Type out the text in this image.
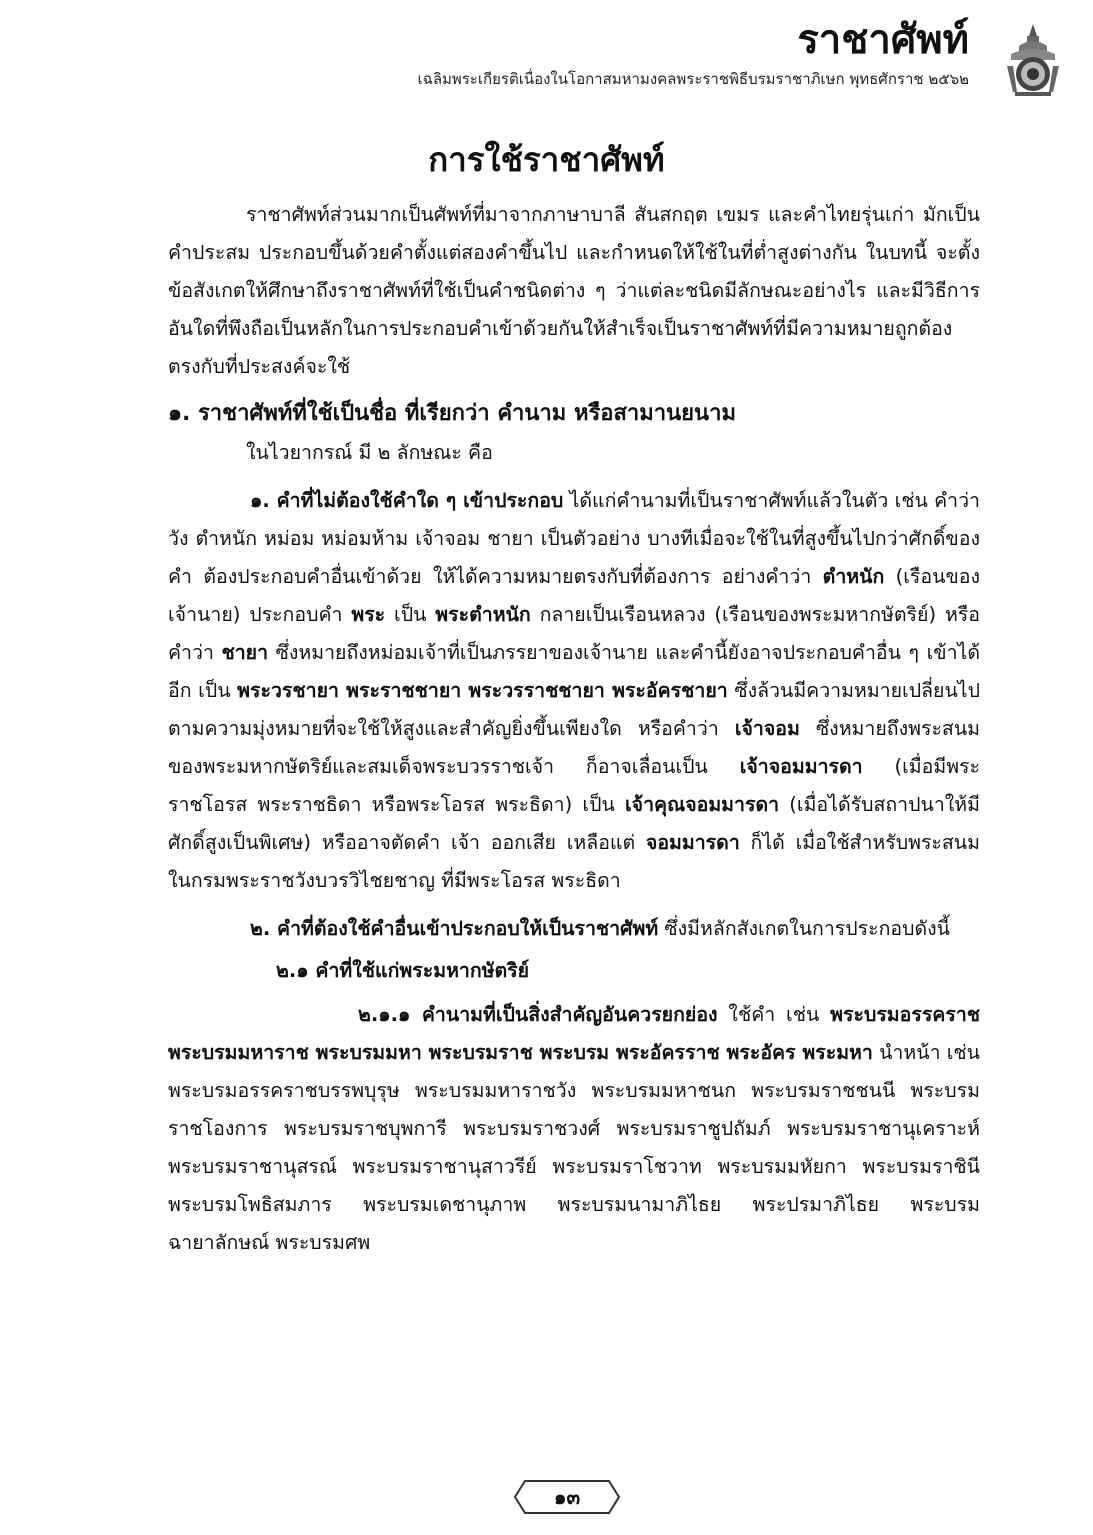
ราชาศัพท์
เฉลิมพระเกียรติเนื่องในโอกาสมหามงคลพระราชพิธีบรมราชาภิเษก พุทธศักราช ๒๕๖๒
การใช้ราชาศัพท์

ราชาศัพท์ส่วนมากเป็นศัพท์ที่มาจากภาษาบาลี สันสกฤต เขมร และคำไทยรุ่นเก่า มักเป็นคำประสม ประกอบขึ้นด้วยคำตั้งแต่สองคำขึ้นไป และกำหนดให้ใช้ในที่ต่ำสูงต่างกัน ในบทนี้ จะตั้งข้อสังเกตให้ศึกษาถึงราชาศัพท์ที่ใช้เป็นคำชนิดต่าง ๆ ว่าแต่ละชนิดมีลักษณะอย่างไร และมีวิธีการอันใดที่พึงถือเป็นหลักในการประกอบคำเข้าด้วยกันให้สำเร็จเป็นราชาศัพท์ที่มีความหมายถูกต้องตรงกับที่ประสงค์จะใช้

๑. ราชาศัพท์ที่ใช้เป็นชื่อ ที่เรียกว่า คำนาม หรือสามานยนาม

ในไวยากรณ์ มี ๒ ลักษณะ คือ

๑. คำที่ไม่ต้องใช้คำใด ๆ เข้าประกอบ ได้แก่คำนามที่เป็นราชาศัพท์แล้วในตัว เช่น คำว่า วัง ตำหนัก หม่อม หม่อมห้าม เจ้าจอม ชายา เป็นตัวอย่าง บางทีเมื่อจะใช้ในที่สูงขึ้นไปกว่าศักดิ์ของคำ ต้องประกอบคำอื่นเข้าด้วย ให้ได้ความหมายตรงกับที่ต้องการ อย่างคำว่า ตำหนัก (เรือนของเจ้านาย) ประกอบคำ พระ เป็น พระตำหนัก กลายเป็นเรือนหลวง (เรือนของพระมหากษัตริย์) หรือคำว่า ชายา ซึ่งหมายถึงหม่อมเจ้าที่เป็นภรรยาของเจ้านาย และคำนี้ยังอาจประกอบคำอื่น ๆ เข้าได้อีก เป็น พระวรชายา พระราชชายา พระวรราชชายา พระอัครชายา ซึ่งล้วนมีความหมายเปลี่ยนไปตามความมุ่งหมายที่จะใช้ให้สูงและสำคัญยิ่งขึ้นเพียงใด หรือคำว่า เจ้าจอม ซึ่งหมายถึงพระสนมของพระมหากษัตริย์และสมเด็จพระบวรราชเจ้า ก็อาจเลื่อนเป็น เจ้าจอมมารดา (เมื่อมีพระราชโอรส พระราชธิดา หรือพระโอรส พระธิดา) เป็น เจ้าคุณจอมมารดา (เมื่อได้รับสถาปนาให้มีศักดิ์สูงเป็นพิเศษ) หรืออาจตัดคำ เจ้า ออกเสีย เหลือแต่ จอมมารดา ก็ได้ เมื่อใช้สำหรับพระสนมในกรมพระราชวังบวรวิไชยชาญ ที่มีพระโอรส พระธิดา

๒. คำที่ต้องใช้คำอื่นเข้าประกอบให้เป็นราชาศัพท์ ซึ่งมีหลักสังเกตในการประกอบดังนี้

๒.๑ คำที่ใช้แก่พระมหากษัตริย์

๒.๑.๑ คำนามที่เป็นสิ่งสำคัญอันควรยกย่อง ใช้คำ เช่น พระบรมอรรคราช พระบรมมหาราช พระบรมมหา พระบรมราช พระบรม พระอัครราช พระอัคร พระมหา นำหน้า เช่น พระบรมอรรคราชบรรพบุรุษ พระบรมมหาราชวัง พระบรมมหาชนก พระบรมราชชนนี พระบรมราชโองการ พระบรมราชบุพการี พระบรมราชวงศ์ พระบรมราชูปถัมภ์ พระบรมราชานุเคราะห์ พระบรมราชานุสรณ์ พระบรมราชานุสาวรีย์ พระบรมราโชวาท พระบรมมหัยกา พระบรมราชินี พระบรมโพธิสมภาร พระบรมเดชานุภาพ พระบรมนามาภิไธย พระปรมาภิไธย พระบรมฉายาลักษณ์ พระบรมศพ

๑๓
